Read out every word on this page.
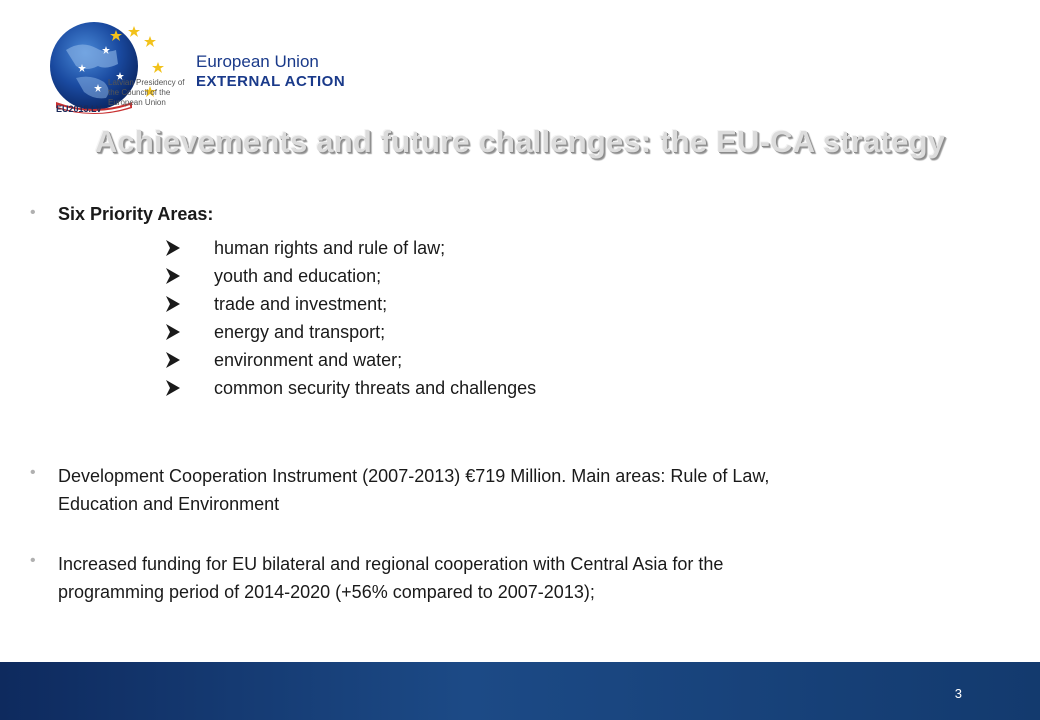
European Union
EXTERNAL ACTION
Latvian Presidency of the Council of the European Union
EU2015.LV
Achievements and future challenges: the EU-CA strategy
• Six Priority Areas:
human rights and rule of law;
youth and education;
trade and investment;
energy and transport;
environment and water;
common security threats and challenges
• Development Cooperation Instrument (2007-2013) €719 Million. Main areas: Rule of Law,
Education and Environment
• Increased funding for EU bilateral and regional cooperation with Central Asia for the
programming period of 2014-2020 (+56% compared to 2007-2013);
3
